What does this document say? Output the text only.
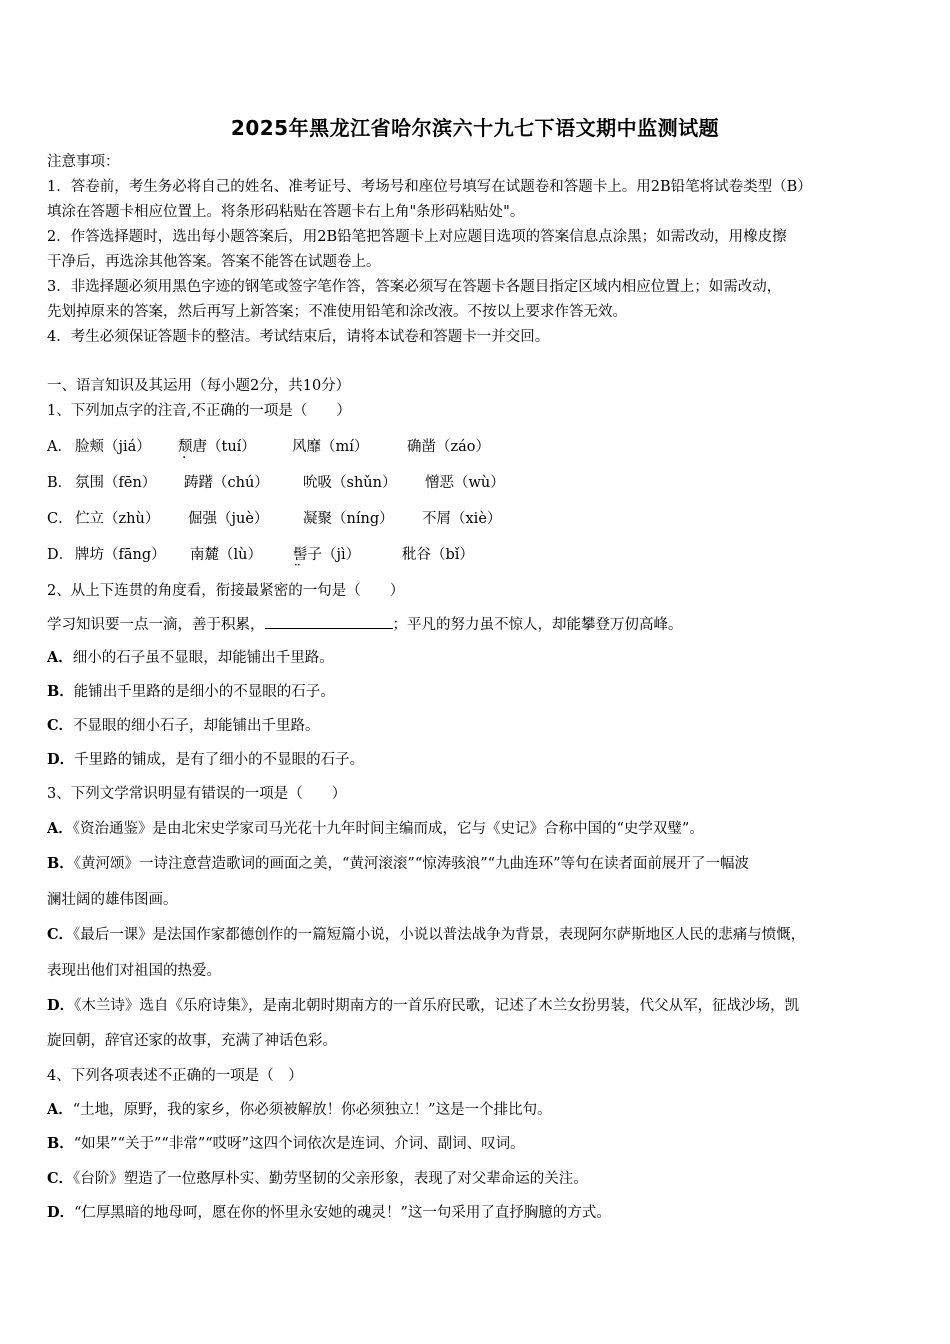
2025年黑龙江省哈尔滨六十九七下语文期中监测试题
注意事项：
1．答卷前，考生务必将自己的姓名、准考证号、考场号和座位号填写在试题卷和答题卡上。用2B铅笔将试卷类型（B）
填涂在答题卡相应位置上。将条形码粘贴在答题卡右上角"条形码粘贴处"。
2．作答选择题时，选出每小题答案后，用2B铅笔把答题卡上对应题目选项的答案信息点涂黑；如需改动，用橡皮擦
干净后，再选涂其他答案。答案不能答在试题卷上。
3．非选择题必须用黑色字迹的钢笔或签字笔作答，答案必须写在答题卡各题目指定区域内相应位置上；如需改动，
先划掉原来的答案，然后再写上新答案；不准使用铅笔和涂改液。不按以上要求作答无效。
4．考生必须保证答题卡的整洁。考试结束后，请将本试卷和答题卡一并交回。
一、语言知识及其运用（每小题2分，共10分）
1、下列加点字的注音,不正确的一项是（　　）
A． 脸颊（jiá） 颓唐（tuí） · 风靡（mí）	确凿（záo）
B． 氛围（fēn） 踌躇（chú） 吮吸（shǔn） 憎恶（wù）
C． 伫立（zhù） 倔强（juè） 凝聚（níng） 不屑（xiè）
D． 牌坊（fāng） 南麓（lù） 髻子（jì） ··	秕谷（bǐ）
2、从上下连贯的角度看，衔接最紧密的一句是（　　）
学习知识要一点一滴，善于积累，	；平凡的努力虽不惊人，却能攀登万仞高峰。
A．细小的石子虽不显眼，却能铺出千里路。
B．能铺出千里路的是细小的不显眼的石子。
C．不显眼的细小石子，却能铺出千里路。
D．千里路的铺成，是有了细小的不显眼的石子。
3、下列文学常识明显有错误的一项是（　　）
A．《资治通鉴》是由北宋史学家司马光花十九年时间主编而成，它与《史记》合称中国的“史学双璧”。
B．《黄河颂》一诗注意营造歌词的画面之美，“黄河滚滚”“惊涛骇浪”“九曲连环”等句在读者面前展开了一幅波
澜壮阔的雄伟图画。
C．《最后一课》是法国作家都德创作的一篇短篇小说，小说以普法战争为背景，表现阿尔萨斯地区人民的悲痛与愤慨，
表现出他们对祖国的热爱。
D．《木兰诗》选自《乐府诗集》，是南北朝时期南方的一首乐府民歌，记述了木兰女扮男装，代父从军，征战沙场，凯
旋回朝，辞官还家的故事，充满了神话色彩。
4、下列各项表述不正确的一项是（　）
A．“土地，原野，我的家乡，你必须被解放！你必须独立！”这是一个排比句。
B．“如果”“关于”“非常”“哎呀”这四个词依次是连词、介词、副词、叹词。
C．《台阶》塑造了一位憨厚朴实、勤劳坚韧的父亲形象，表现了对父辈命运的关注。
D．“仁厚黑暗的地母呵，愿在你的怀里永安她的魂灵！”这一句采用了直抒胸臆的方式。
